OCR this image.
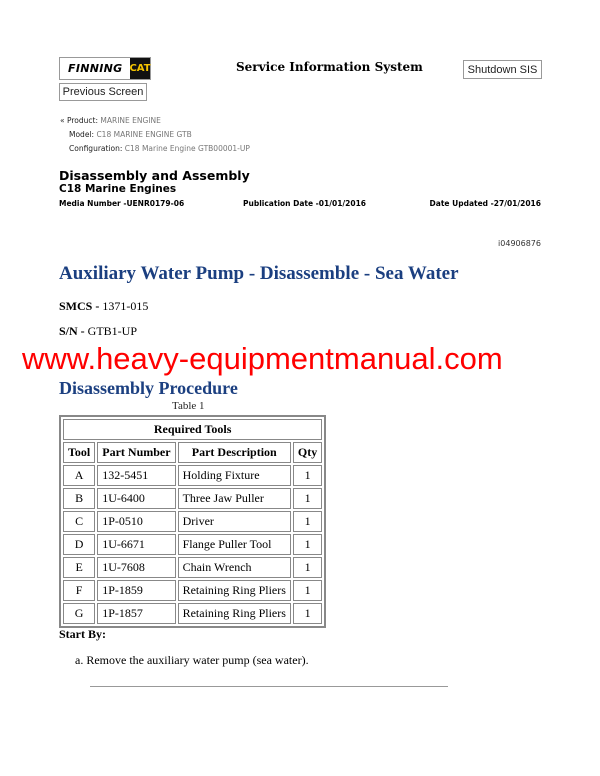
FINNING CAT
Previous Screen
Service Information System	Shutdown SIS
« Product: MARINE ENGINE
Model: C18 MARINE ENGINE GTB
Configuration: C18 Marine Engine GTB00001-UP
Disassembly and Assembly
C18 Marine Engines
Media Number -UENR0179-06	Publication Date -01/01/2016	Date Updated -27/01/2016
i04906876
Auxiliary Water Pump - Disassemble - Sea Water
SMCS - 1371-015
S/N - GTB1-UP
www.heavy-equipmentmanual.com
Disassembly Procedure
Table 1
Required Tools			
Tool	Part Number	Part Description	Qty
A	132-5451	Holding Fixture	1
B	1U-6400	Three Jaw Puller	1
C	1P-0510	Driver	1
D	1U-6671	Flange Puller Tool	1
E	1U-7608	Chain Wrench	1
F	1P-1859	Retaining Ring Pliers	1
G	1P-1857	Retaining Ring Pliers	1
Start By:
a. Remove the auxiliary water pump (sea water).
